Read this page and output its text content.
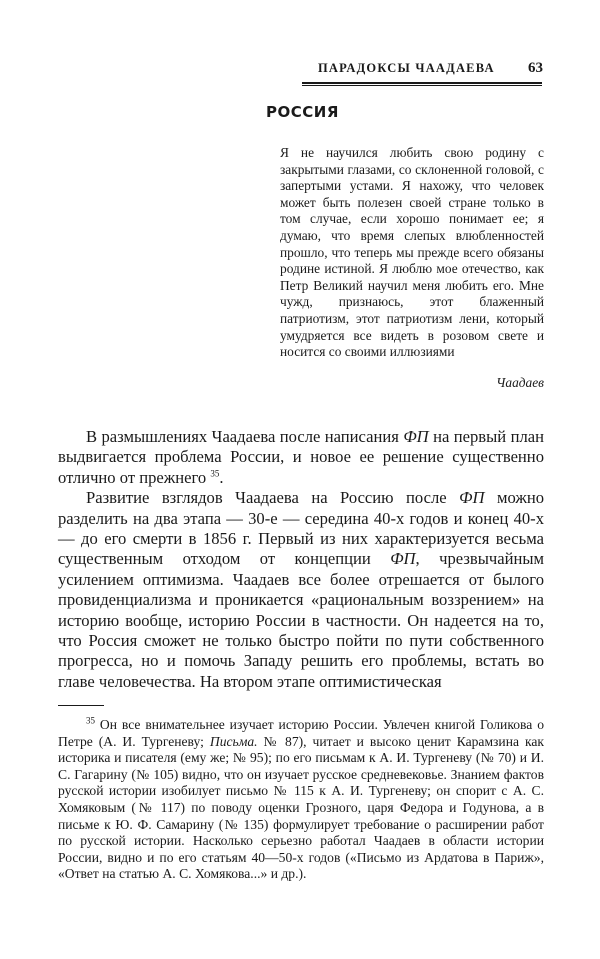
ПАРАДОКСЫ ЧААДАЕВА 63
РОССИЯ

Я не научился любить свою родину с закрытыми глазами, со склоненной головой, с запертыми устами. Я нахожу, что человек может быть полезен своей стране только в том случае, если хорошо понимает ее; я думаю, что время слепых влюбленностей прошло, что теперь мы прежде всего обязаны родине истиной. Я люблю мое отечество, как Петр Великий научил меня любить его. Мне чужд, признаюсь, этот блаженный патриотизм, этот патриотизм лени, который умудряется все видеть в розовом свете и носится со своими иллюзиями

Чаадаев

В размышлениях Чаадаева после написания ФП на первый план выдвигается проблема России, и новое ее решение существенно отлично от прежнего $^{35}$.

Развитие взглядов Чаадаева на Россию после ФП можно разделить на два этапа — 30-е — середина 40-х годов и конец 40-х — до его смерти в 1856 г. Первый из них характеризуется весьма существенным отходом от концепции ФП, чрезвычайным усилением оптимизма. Чаадаев все более отрешается от былого провиденциализма и проникается «рациональным воззрением» на историю вообще, историю России в частности. Он надеется на то, что Россия сможет не только быстро пойти по пути собственного прогресса, но и помочь Западу решить его проблемы, встать во главе человечества. На втором этапе оптимистическая

$^{35}$ Он все внимательнее изучает историю России. Увлечен книгой Голикова о Петре (А. И. Тургеневу; Письма. № 87), читает и высоко ценит Карамзина как историка и писателя (ему же; № 95); по его письмам к А. И. Тургеневу (№ 70) и И. С. Гагарину (№ 105) видно, что он изучает русское средневековье. Знанием фактов русской истории изобилует письмо № 115 к А. И. Тургеневу; он спорит с А. С. Хомяковым (№ 117) по поводу оценки Грозного, царя Федора и Годунова, а в письме к Ю. Ф. Самарину (№ 135) формулирует требование о расширении работ по русской истории. Насколько серьезно работал Чаадаев в области истории России, видно и по его статьям 40—50-х годов («Письмо из Ардатова в Париж», «Ответ на статью А. С. Хомякова...» и др.).
